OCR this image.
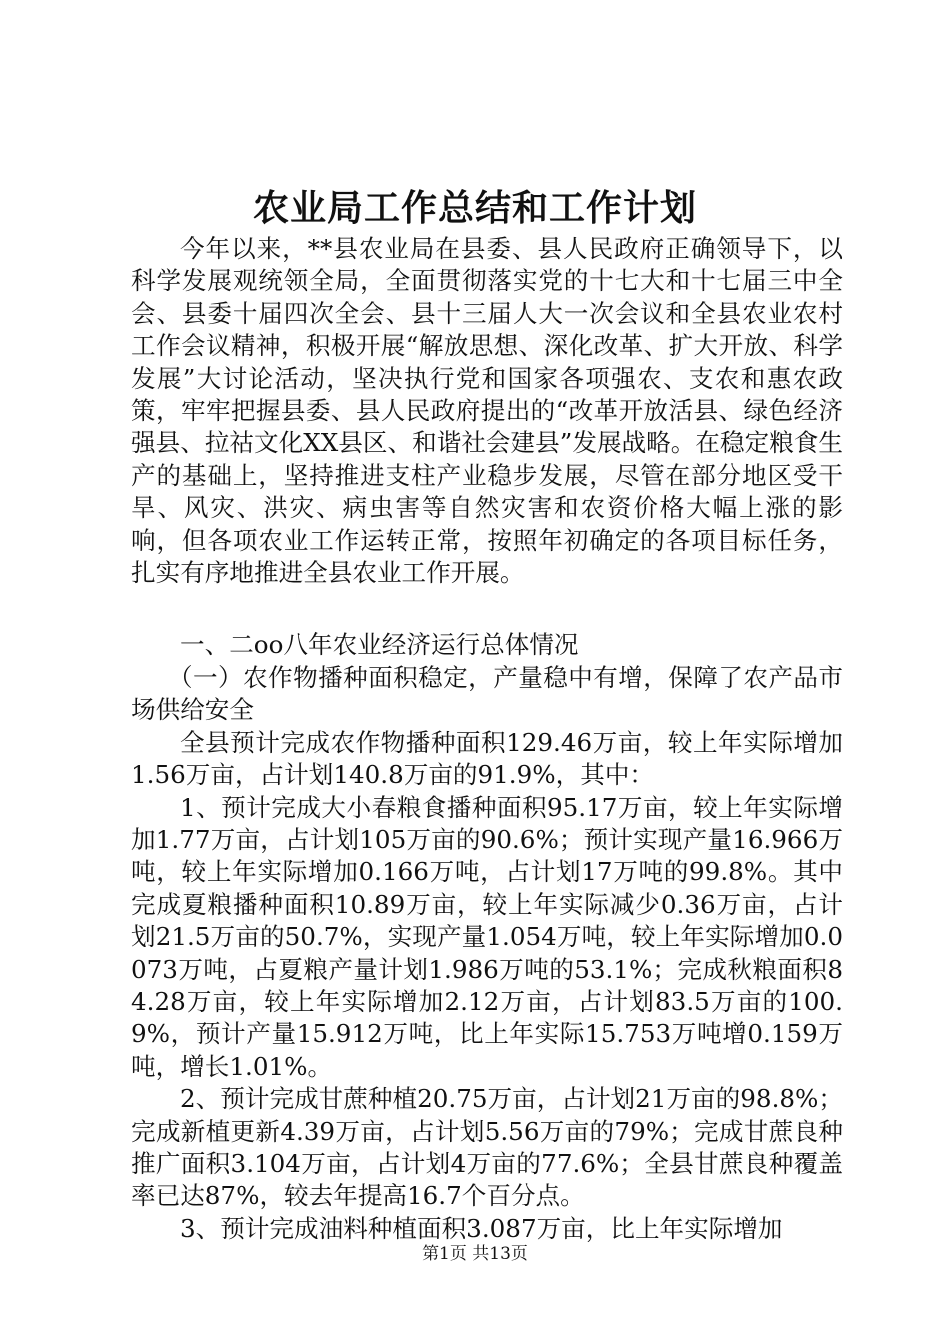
农业局工作总结和工作计划

今年以来，**县农业局在县委、县人民政府正确领导下，以科学发展观统领全局，全面贯彻落实党的十七大和十七届三中全会、县委十届四次全会、县十三届人大一次会议和全县农业农村工作会议精神，积极开展“解放思想、深化改革、扩大开放、科学发展”大讨论活动，坚决执行党和国家各项强农、支农和惠农政策，牢牢把握县委、县人民政府提出的“改革开放活县、绿色经济强县、拉祜文化XX县区、和谐社会建县”发展战略。在稳定粮食生产的基础上，坚持推进支柱产业稳步发展，尽管在部分地区受干旱、风灾、洪灾、病虫害等自然灾害和农资价格大幅上涨的影响，但各项农业工作运转正常，按照年初确定的各项目标任务，扎实有序地推进全县农业工作开展。

一、二oo八年农业经济运行总体情况

（一）农作物播种面积稳定，产量稳中有增，保障了农产品市场供给安全

全县预计完成农作物播种面积129.46万亩，较上年实际增加1.56万亩，占计划140.8万亩的91.9%，其中：

1、预计完成大小春粮食播种面积95.17万亩，较上年实际增加1.77万亩，占计划105万亩的90.6%；预计实现产量16.966万吨，较上年实际增加0.166万吨，占计划17万吨的99.8%。其中完成夏粮播种面积10.89万亩，较上年实际减少0.36万亩，占计划21.5万亩的50.7%，实现产量1.054万吨，较上年实际增加0.0073万吨，占夏粮产量计划1.986万吨的53.1%；完成秋粮面积84.28万亩，较上年实际增加2.12万亩，占计划83.5万亩的100.9%，预计产量15.912万吨，比上年实际15.753万吨增0.159万吨，增长1.01%。

2、预计完成甘蔗种植20.75万亩，占计划21万亩的98.8%；完成新植更新4.39万亩，占计划5.56万亩的79%；完成甘蔗良种推广面积3.104万亩，占计划4万亩的77.6%；全县甘蔗良种覆盖率已达87%，较去年提高16.7个百分点。

3、预计完成油料种植面积3.087万亩，比上年实际增加

第1页 共13页
